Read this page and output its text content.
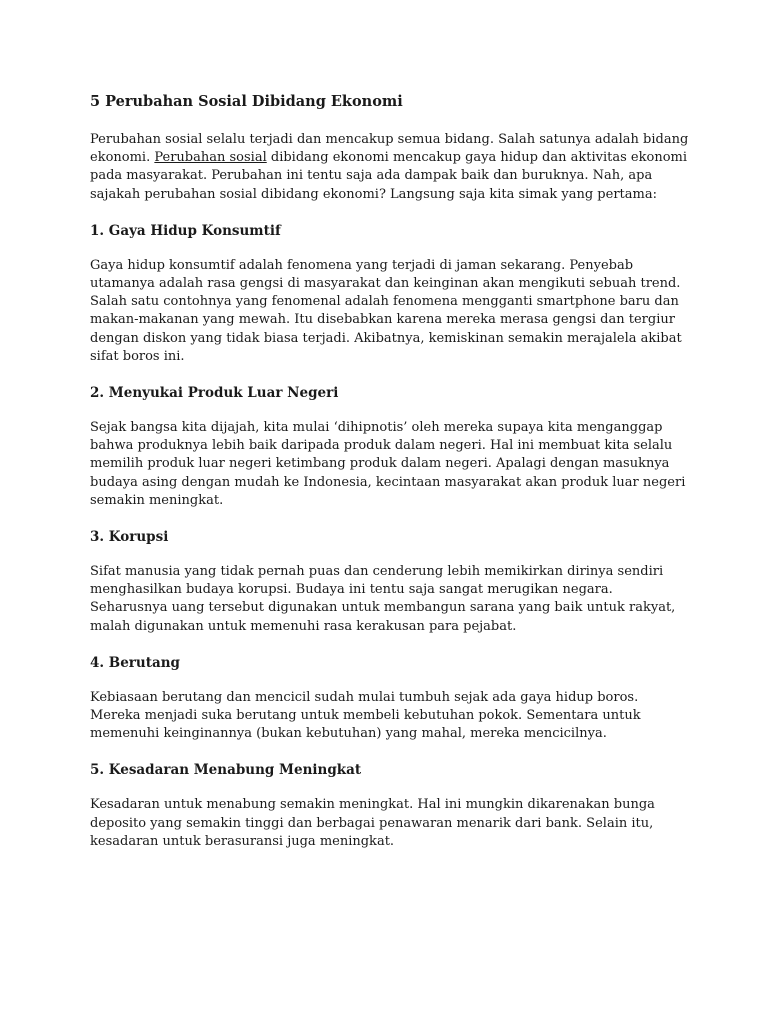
5 Perubahan Sosial Dibidang Ekonomi

Perubahan sosial selalu terjadi dan mencakup semua bidang. Salah satunya adalah bidang ekonomi. Perubahan sosial dibidang ekonomi mencakup gaya hidup dan aktivitas ekonomi pada masyarakat. Perubahan ini tentu saja ada dampak baik dan buruknya. Nah, apa sajakah perubahan sosial dibidang ekonomi? Langsung saja kita simak yang pertama:

1. Gaya Hidup Konsumtif

Gaya hidup konsumtif adalah fenomena yang terjadi di jaman sekarang. Penyebab utamanya adalah rasa gengsi di masyarakat dan keinginan akan mengikuti sebuah trend. Salah satu contohnya yang fenomenal adalah fenomena mengganti smartphone baru dan makan-makanan yang mewah. Itu disebabkan karena mereka merasa gengsi dan tergiur dengan diskon yang tidak biasa terjadi. Akibatnya, kemiskinan semakin merajalela akibat sifat boros ini.

2. Menyukai Produk Luar Negeri

Sejak bangsa kita dijajah, kita mulai ‘dihipnotis’ oleh mereka supaya kita menganggap bahwa produknya lebih baik daripada produk dalam negeri. Hal ini membuat kita selalu memilih produk luar negeri ketimbang produk dalam negeri. Apalagi dengan masuknya budaya asing dengan mudah ke Indonesia, kecintaan masyarakat akan produk luar negeri semakin meningkat.

3. Korupsi

Sifat manusia yang tidak pernah puas dan cenderung lebih memikirkan dirinya sendiri menghasilkan budaya korupsi. Budaya ini tentu saja sangat merugikan negara. Seharusnya uang tersebut digunakan untuk membangun sarana yang baik untuk rakyat, malah digunakan untuk memenuhi rasa kerakusan para pejabat.

4. Berutang

Kebiasaan berutang dan mencicil sudah mulai tumbuh sejak ada gaya hidup boros. Mereka menjadi suka berutang untuk membeli kebutuhan pokok. Sementara untuk memenuhi keinginannya (bukan kebutuhan) yang mahal, mereka mencicilnya.

5. Kesadaran Menabung Meningkat

Kesadaran untuk menabung semakin meningkat. Hal ini mungkin dikarenakan bunga deposito yang semakin tinggi dan berbagai penawaran menarik dari bank. Selain itu, kesadaran untuk berasuransi juga meningkat.
